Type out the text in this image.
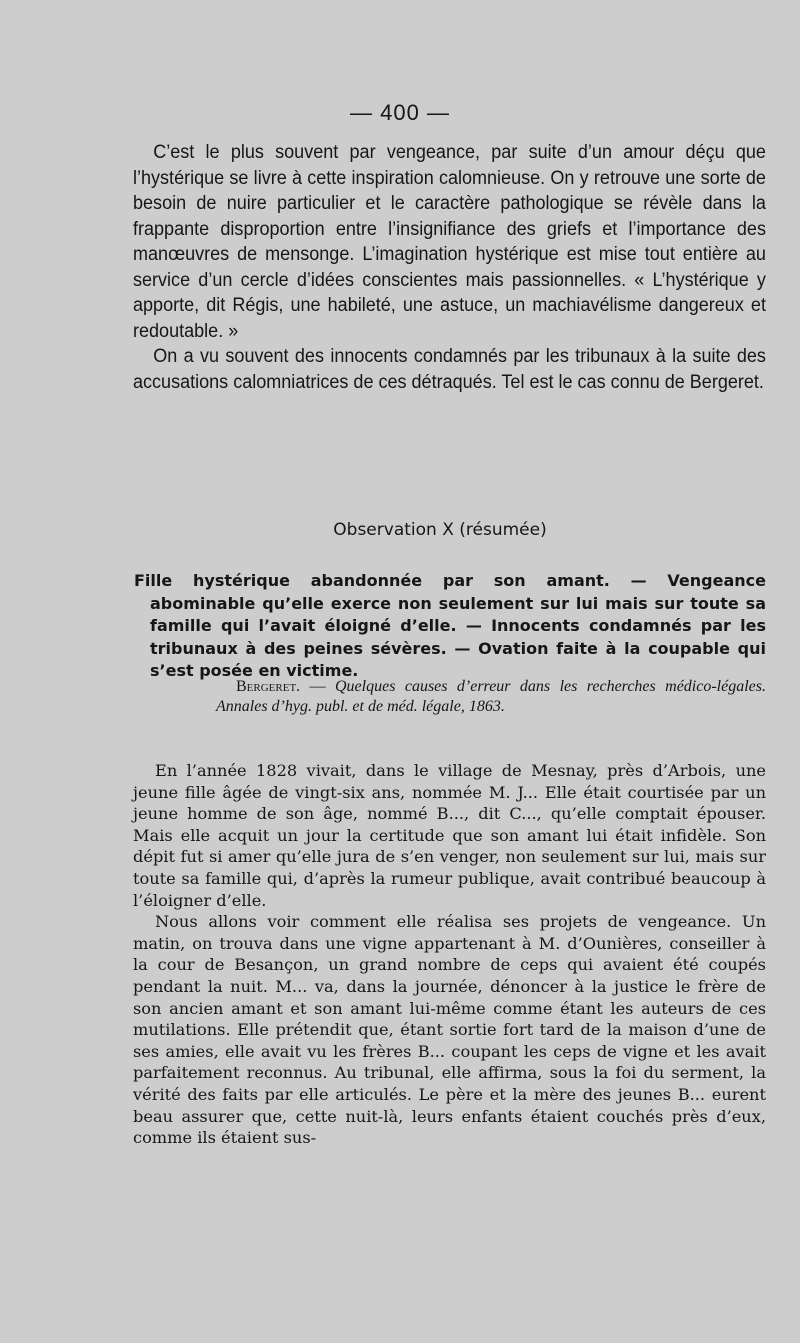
— 400 —

C’est le plus souvent par vengeance, par suite d’un amour déçu que l’hystérique se livre à cette inspiration calomnieuse. On y retrouve une sorte de besoin de nuire particulier et le caractère pathologique se révèle dans la frappante disproportion entre l’insignifiance des griefs et l’importance des manœuvres de mensonge. L’imagination hystérique est mise tout entière au service d’un cercle d’idées conscientes mais passionnelles. « L’hystérique y apporte, dit Régis, une habileté, une astuce, un machiavélisme dangereux et redoutable. »

On a vu souvent des innocents condamnés par les tribunaux à la suite des accusations calomniatrices de ces détraqués. Tel est le cas connu de Bergeret.

Observation X (résumée)
Fille hystérique abandonnée par son amant. — Vengeance abominable qu’elle exerce non seulement sur lui mais sur toute sa famille qui l’avait éloigné d’elle. — Innocents condamnés par les tribunaux à des peines sévères. — Ovation faite à la coupable qui s’est posée en victime.
Bergeret. — Quelques causes d’erreur dans les recherches médico-légales. Annales d’hyg. publ. et de méd. légale, 1863.

En l’année 1828 vivait, dans le village de Mesnay, près d’Arbois, une jeune fille âgée de vingt-six ans, nommée M. J... Elle était courtisée par un jeune homme de son âge, nommé B..., dit C..., qu’elle comptait épouser. Mais elle acquit un jour la certitude que son amant lui était infidèle. Son dépit fut si amer qu’elle jura de s’en venger, non seulement sur lui, mais sur toute sa famille qui, d’après la rumeur publique, avait contribué beaucoup à l’éloigner d’elle.

Nous allons voir comment elle réalisa ses projets de vengeance. Un matin, on trouva dans une vigne appartenant à M. d’Ounières, conseiller à la cour de Besançon, un grand nombre de ceps qui avaient été coupés pendant la nuit. M... va, dans la journée, dénoncer à la justice le frère de son ancien amant et son amant lui-même comme étant les auteurs de ces mutilations. Elle prétendit que, étant sortie fort tard de la maison d’une de ses amies, elle avait vu les frères B... coupant les ceps de vigne et les avait parfaitement reconnus. Au tribunal, elle affirma, sous la foi du serment, la vérité des faits par elle articulés. Le père et la mère des jeunes B... eurent beau assurer que, cette nuit-là, leurs enfants étaient couchés près d’eux, comme ils étaient sus-
